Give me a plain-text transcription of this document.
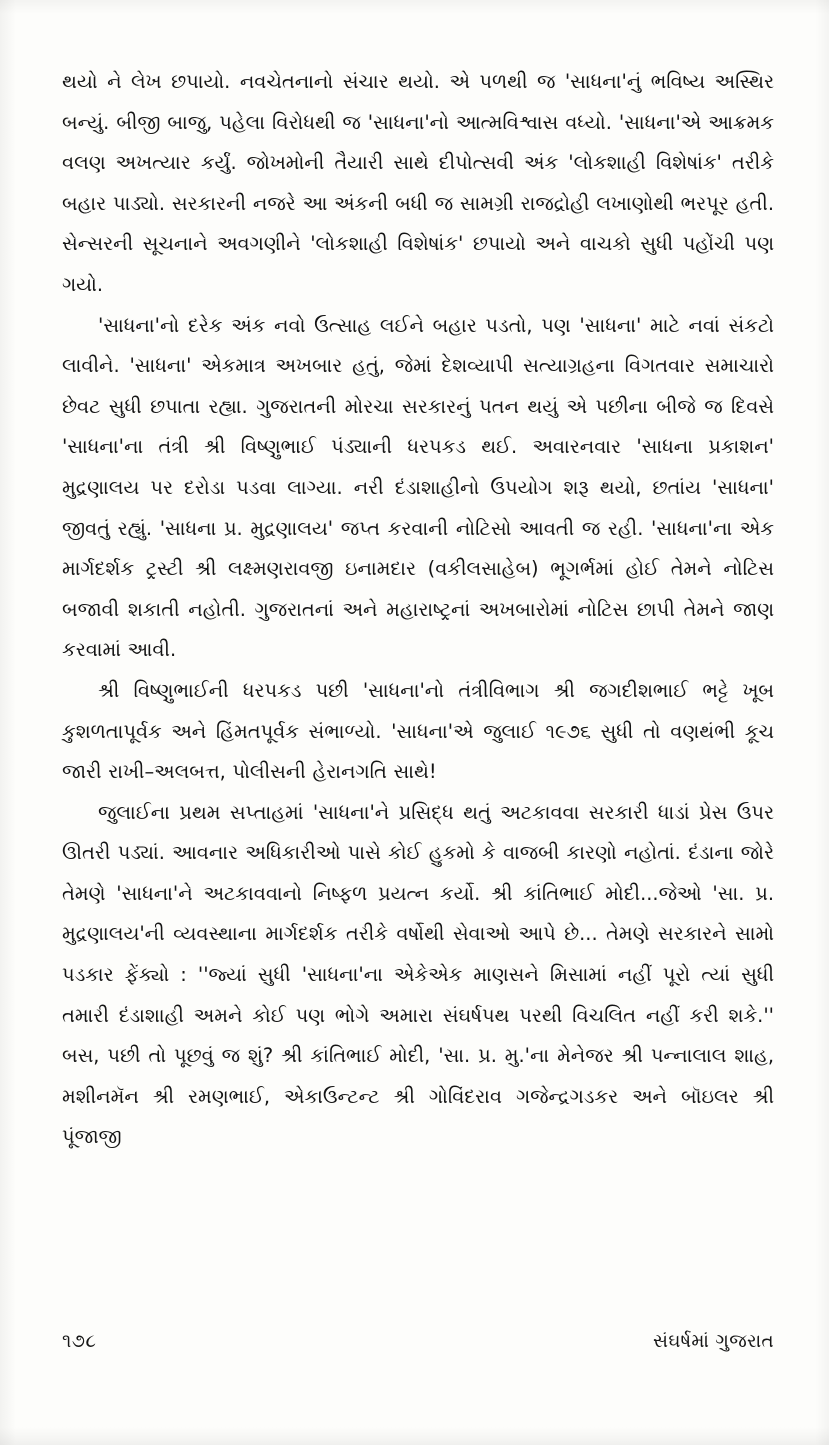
થયો ને લેખ છપાયો. નવચેતનાનો સંચાર થયો. એ પળથી જ 'સાધના'નું ભવિષ્ય અસ્થિર બન્યું. બીજી બાજુ, પહેલા વિરોધથી જ 'સાધના'નો આત્મવિશ્વાસ વધ્યો. 'સાધના'એ આક્રમક વલણ અખત્યાર કર્યું. જોખમોની તૈયારી સાથે દીપોત્સવી અંક 'લોકશાહી વિશેષાંક' તરીકે બહાર પાડ્યો. સરકારની નજરે આ અંકની બધી જ સામગ્રી રાજદ્રોહી લખાણોથી ભરપૂર હતી. સેન્સરની સૂચનાને અવગણીને 'લોકશાહી વિશેષાંક' છપાયો અને વાચકો સુધી પહોંચી પણ ગયો.

'સાધના'નો દરેક અંક નવો ઉત્સાહ લઈને બહાર પડતો, પણ 'સાધના' માટે નવાં સંકટો લાવીને. 'સાધના' એકમાત્ર અખબાર હતું, જેમાં દેશવ્યાપી સત્યાગ્રહના વિગતવાર સમાચારો છેવટ સુધી છપાતા રહ્યા. ગુજરાતની મોરચા સરકારનું પતન થયું એ પછીના બીજે જ દિવસે 'સાધના'ના તંત્રી શ્રી વિષ્ણુભાઈ પંડ્યાની ધરપકડ થઈ. અવારનવાર 'સાધના પ્રકાશન' મુદ્રણાલય પર દરોડા પડવા લાગ્યા. નરી દંડાશાહીનો ઉપયોગ શરૂ થયો, છતાંય 'સાધના' જીવતું રહ્યું. 'સાધના પ્ર. મુદ્રણાલય' જપ્ત કરવાની નોટિસો આવતી જ રહી. 'સાધના'ના એક માર્ગદર્શક ટ્રસ્ટી શ્રી લક્ષ્મણરાવજી ઇનામદાર (વકીલસાહેબ) ભૂગર્ભમાં હોઈ તેમને નોટિસ બજાવી શકાતી નહોતી. ગુજરાતનાં અને મહારાષ્ટ્રનાં અખબારોમાં નોટિસ છાપી તેમને જાણ કરવામાં આવી.

શ્રી વિષ્ણુભાઈની ધરપકડ પછી 'સાધના'નો તંત્રીવિભાગ શ્રી જગદીશભાઈ ભટ્ટે ખૂબ કુશળતાપૂર્વક અને હિંમતપૂર્વક સંભાળ્યો. 'સાધના'એ જુલાઈ ૧૯૭૬ સુધી તો વણથંભી કૂચ જારી રાખી–અલબત્ત, પોલીસની હેરાનગતિ સાથે!

જુલાઈના પ્રથમ સપ્તાહમાં 'સાધના'ને પ્રસિદ્ધ થતું અટકાવવા સરકારી ધાડાં પ્રેસ ઉપર ઊતરી પડ્યાં. આવનાર અધિકારીઓ પાસે કોઈ હુકમો કે વાજબી કારણો નહોતાં. દંડાના જોરે તેમણે 'સાધના'ને અટકાવવાનો નિષ્ફળ પ્રયત્ન કર્યો. શ્રી કાંતિભાઈ મોદી...જેઓ 'સા. પ્ર. મુદ્રણાલય'ની વ્યવસ્થાના માર્ગદર્શક તરીકે વર્ષોથી સેવાઓ આપે છે... તેમણે સરકારને સામો પડકાર ફેંક્યો : ''જ્યાં સુધી 'સાધના'ના એકેએક માણસને મિસામાં નહીં પૂરો ત્યાં સુધી તમારી દંડાશાહી અમને કોઈ પણ ભોગે અમારા સંઘર્ષપથ પરથી વિચલિત નહીં કરી શકે.'' બસ, પછી તો પૂછવું જ શું? શ્રી કાંતિભાઈ મોદી, 'સા. પ્ર. મુ.'ના મેનેજર શ્રી પન્નાલાલ શાહ, મશીનમૅન શ્રી રમણભાઈ, એકાઉન્ટન્ટ શ્રી ગોવિંદરાવ ગજેન્દ્રગડકર અને બૉઇલર શ્રી પૂંજાજી

૧૭૮	સંઘર્ષમાં ગુજરાત
